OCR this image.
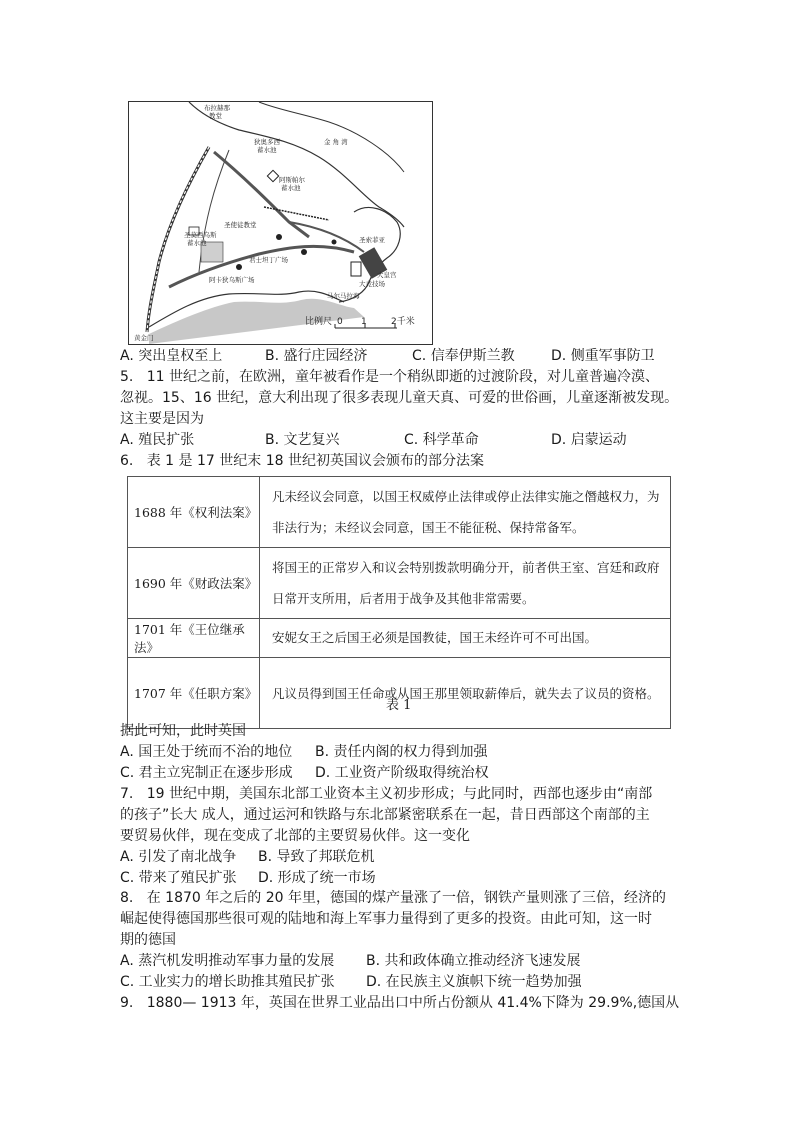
布拉赫那
教堂
狄奥多西
蓄水池
金 角 湾
阿斯帕尔
蓄水池
圣莫西乌斯
蓄水池
圣使徒教堂
君士坦丁广场
阿卡狄乌斯广场
圣索菲亚
大竞技场
大皇宫
马尔马拉海
黄金门
比例尺 0 1	2千米
A. 突出皇权至上	B. 盛行庄园经济	C. 信奉伊斯兰教	D. 侧重军事防卫
5. 11 世纪之前，在欧洲，童年被看作是一个稍纵即逝的过渡阶段，对儿童普遍冷漠、
忽视。15、16 世纪，意大利出现了很多表现儿童天真、可爱的世俗画，儿童逐渐被发现。
这主要是因为
A. 殖民扩张	B. 文艺复兴	C. 科学革命	D. 启蒙运动
6. 表 1 是 17 世纪末 18 世纪初英国议会颁布的部分法案
1688 年《权利法案》	凡未经议会同意，以国王权威停止法律或停止法律实施之僭越权力，为非法行为；未经议会同意，国王不能征税、保持常备军。
1690 年《财政法案》	将国王的正常岁入和议会特别拨款明确分开，前者供王室、宫廷和政府日常开支所用，后者用于战争及其他非常需要。
1701 年《王位继承法》	安妮女王之后国王必须是国教徒，国王未经许可不可出国。
1707 年《任职方案》	凡议员得到国王任命或从国王那里领取薪俸后，就失去了议员的资格。
表 1
据此可知，此时英国
A. 国王处于统而不治的地位 B. 责任内阁的权力得到加强
C. 君主立宪制正在逐步形成 D. 工业资产阶级取得统治权
7. 19 世纪中期，美国东北部工业资本主义初步形成；与此同时，西部也逐步由“南部
的孩子”长大 成人，通过运河和铁路与东北部紧密联系在一起，昔日西部这个南部的主
要贸易伙伴，现在变成了北部的主要贸易伙伴。这一变化
A. 引发了南北战争 B. 导致了邦联危机
C. 带来了殖民扩张 D. 形成了统一市场
8. 在 1870 年之后的 20 年里，德国的煤产量涨了一倍，钢铁产量则涨了三倍，经济的
崛起使得德国那些很可观的陆地和海上军事力量得到了更多的投资。由此可知，这一时
期的德国
A. 蒸汽机发明推动军事力量的发展 B. 共和政体确立推动经济飞速发展
C. 工业实力的增长助推其殖民扩张 D. 在民族主义旗帜下统一趋势加强
9. 1880— 1913 年，英国在世界工业品出口中所占份额从 41.4%下降为 29.9%,德国从
